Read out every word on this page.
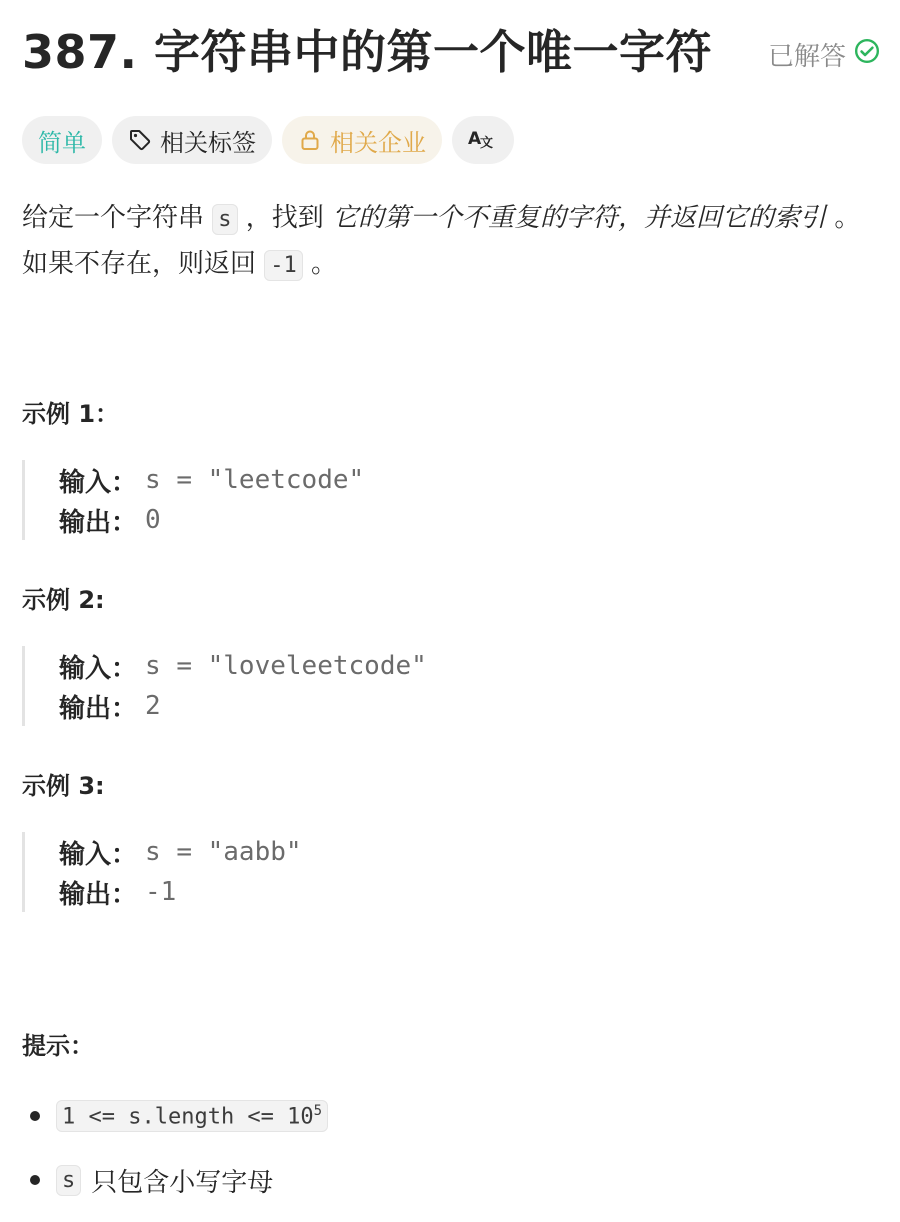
387. 字符串中的第一个唯一字符 已解答
简单	相关标签	相关企业 A
文
给定一个字符串 s ，找到 它的第一个不重复的字符，并返回它的索引 。如果不存在，则返回 -1 。
示例 1：
输入： s = "leetcode"
输出： 0
示例 2:
输入： s = "loveleetcode"
输出： 2
示例 3:
输入： s = "aabb"
输出： -1
提示：
1 <= s.length <= $10^5$
s 只包含小写字母
